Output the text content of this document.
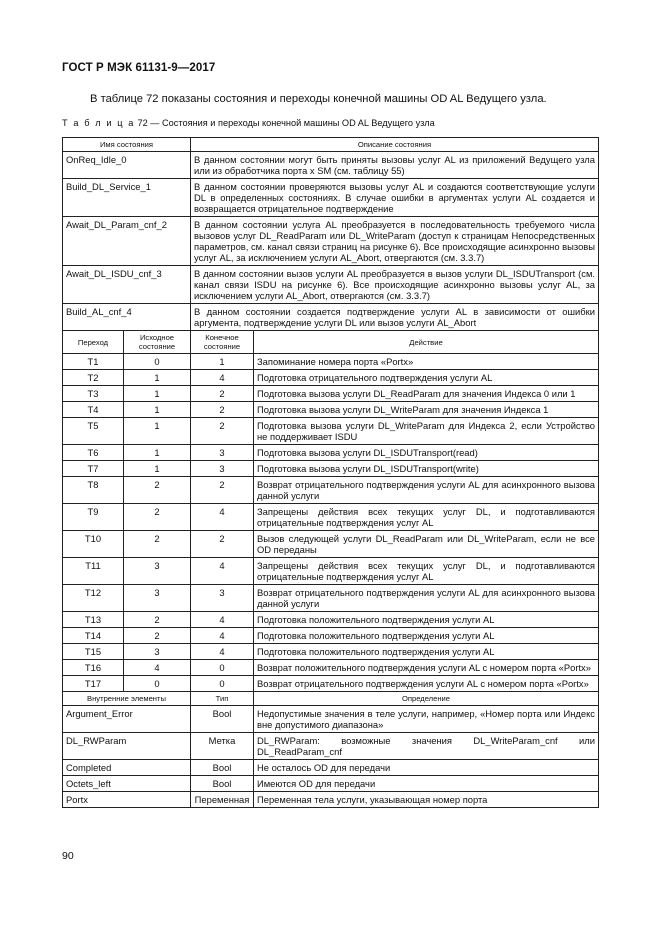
ГОСТ Р МЭК 61131-9—2017
В таблице 72 показаны состояния и переходы конечной машины OD AL Ведущего узла.
Т а б л и ц а 72 — Состояния и переходы конечной машины OD AL Ведущего узла
Имя состояния		Описание состояния	
OnReq_Idle_0		В данном состоянии могут быть приняты вызовы услуг AL из приложений Ведущего узла или из обработчика порта x SM (см. таблицу 55)	
Build_DL_Service_1		В данном состоянии проверяются вызовы услуг AL и создаются соответствующие услуги DL в определенных состояниях. В случае ошибки в аргументах услуги AL создается и возвращается отрицательное подтверждение	
Await_DL_Param_cnf_2		В данном состоянии услуга AL преобразуется в последовательность требуемого числа вызовов услуг DL_ReadParam или DL_WriteParam (доступ к страницам Непосредственных параметров, см. канал связи страниц на рисунке 6). Все происходящие асинхронно вызовы услуг AL, за исключением услуги AL_Abort, отвергаются (см. 3.3.7)	
Await_DL_ISDU_cnf_3		В данном состоянии вызов услуги AL преобразуется в вызов услуги DL_ISDUTransport (см. канал связи ISDU на рисунке 6). Все происходящие асинхронно вызовы услуг AL, за исключением услуги AL_Abort, отвергаются (см. 3.3.7)	
Build_AL_cnf_4		В данном состоянии создается подтверждение услуги AL в зависимости от ошибки аргумента, подтверждение услуги DL или вызов услуги AL_Abort	
Переход	Исходное состояние	Конечное состояние	Действие
T1	0	1	Запоминание номера порта «Portx»
T2	1	4	Подготовка отрицательного подтверждения услуги AL
T3	1	2	Подготовка вызова услуги DL_ReadParam для значения Индекса 0 или 1
T4	1	2	Подготовка вызова услуги DL_WriteParam для значения Индекса 1
T5	1	2	Подготовка вызова услуги DL_WriteParam для Индекса 2, если Устройство не поддерживает ISDU
T6	1	3	Подготовка вызова услуги DL_ISDUTransport(read)
T7	1	3	Подготовка вызова услуги DL_ISDUTransport(write)
T8	2	2	Возврат отрицательного подтверждения услуги AL для асинхронного вызова данной услуги
T9	2	4	Запрещены действия всех текущих услуг DL, и подготавливаются отрицательные подтверждения услуг AL
T10	2	2	Вызов следующей услуги DL_ReadParam или DL_WriteParam, если не все OD переданы
T11	3	4	Запрещены действия всех текущих услуг DL, и подготавливаются отрицательные подтверждения услуг AL
T12	3	3	Возврат отрицательного подтверждения услуги AL для асинхронного вызова данной услуги
T13	2	4	Подготовка положительного подтверждения услуги AL
T14	2	4	Подготовка положительного подтверждения услуги AL
T15	3	4	Подготовка положительного подтверждения услуги AL
T16	4	0	Возврат положительного подтверждения услуги AL с номером порта «Portx»
T17	0	0	Возврат отрицательного подтверждения услуги AL с номером порта «Portx»
Внутренние элементы		Тип	Определение
Argument_Error		Bool	Недопустимые значения в теле услуги, например, «Номер порта или Индекс вне допустимого диапазона»
DL_RWParam		Метка	DL_RWParam: возможные значения DL_WriteParam_cnf или DL_ReadParam_cnf
Completed		Bool	Не осталось OD для передачи
Octets_left		Bool	Имеются OD для передачи
Portx		Переменная	Переменная тела услуги, указывающая номер порта
90
